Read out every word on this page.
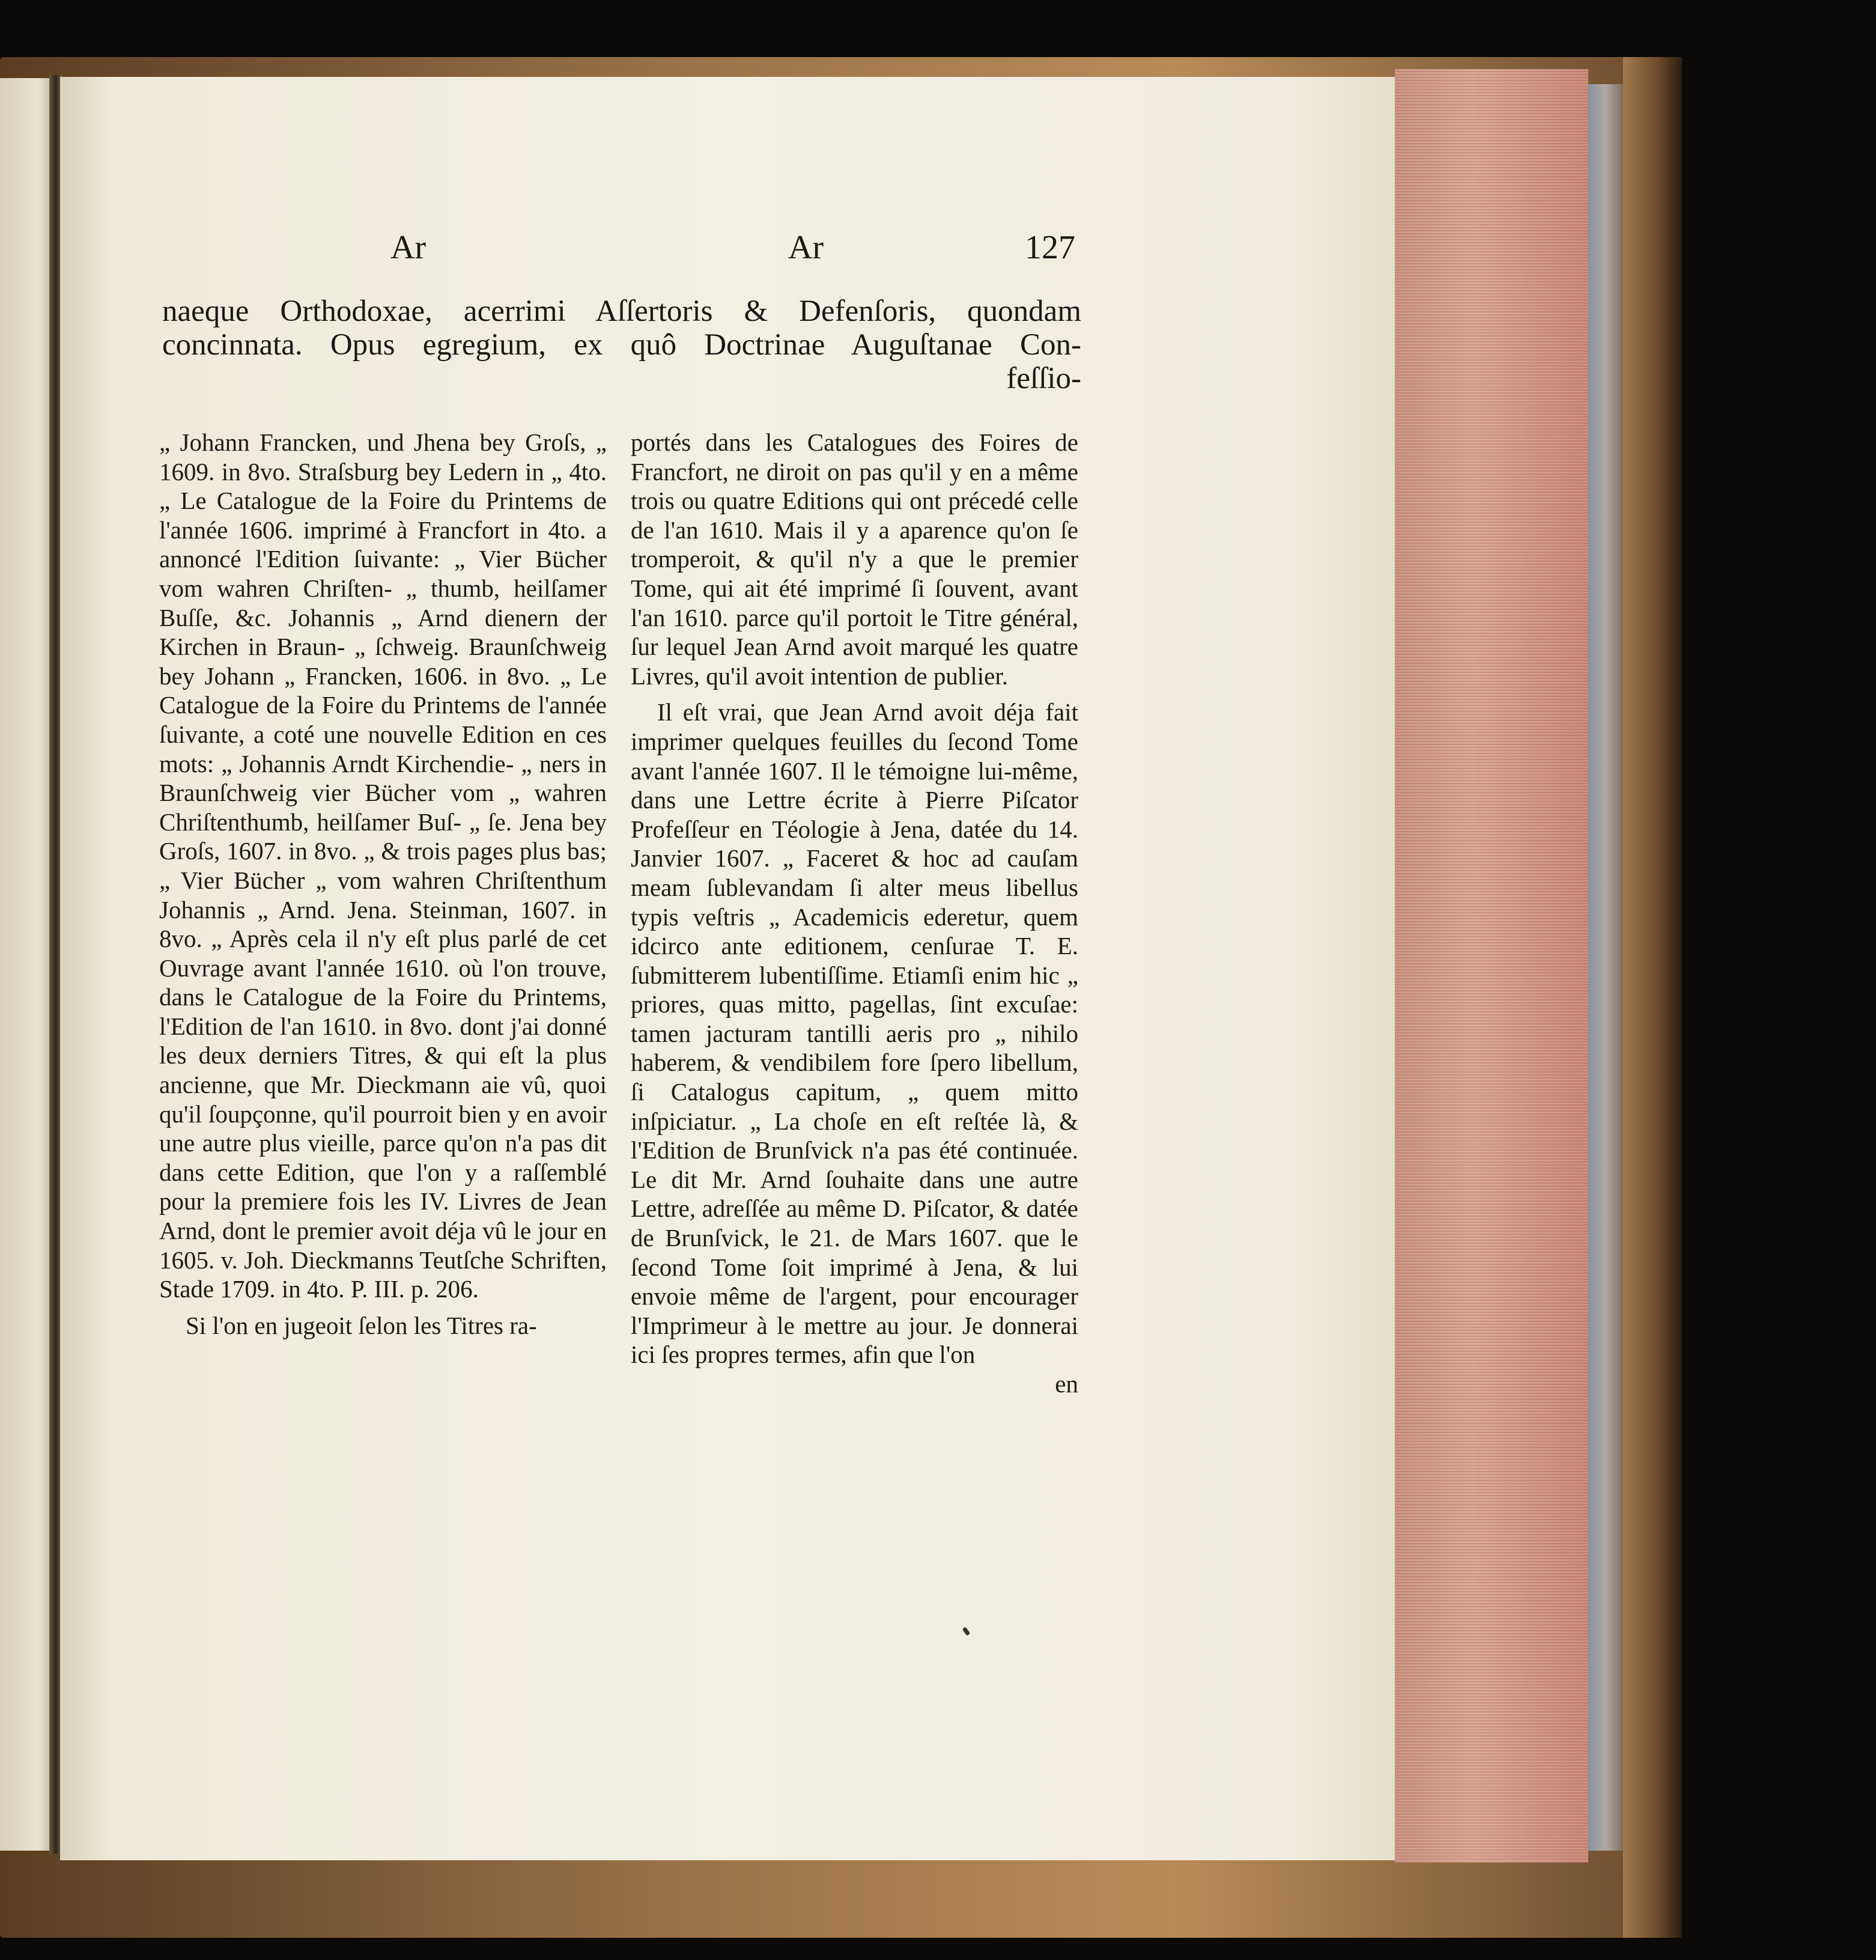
Ar	Ar	127
naeque Orthodoxae, acerrimi Aſſertoris & Defenſoris, quondam
concinnata. Opus egregium, ex quô Doctrinae Auguſtanae Con-
feſſio-

„ Johann Francken, und Jhena bey Groſs, „ 1609. in 8vo. Straſsburg bey Ledern in „ 4to. „ Le Catalogue de la Foire du Printems de l'année 1606. imprimé à Francfort in 4to. a annoncé l'Edition ſuivante: „ Vier Bücher vom wahren Chriſten- „ thumb, heilſamer Buſſe, &c. Johannis „ Arnd dienern der Kirchen in Braun- „ ſchweig. Braunſchweig bey Johann „ Francken, 1606. in 8vo. „ Le Catalogue de la Foire du Printems de l'année ſuivante, a coté une nouvelle Edition en ces mots: „ Johannis Arndt Kirchendie- „ ners in Braunſchweig vier Bücher vom „ wahren Chriſtenthumb, heilſamer Buſ- „ ſe. Jena bey Groſs, 1607. in 8vo. „ & trois pages plus bas; „ Vier Bücher „ vom wahren Chriſtenthum Johannis „ Arnd. Jena. Steinman, 1607. in 8vo. „ Après cela il n'y eſt plus parlé de cet Ouvrage avant l'année 1610. où l'on trouve, dans le Catalogue de la Foire du Printems, l'Edition de l'an 1610. in 8vo. dont j'ai donné les deux derniers Titres, & qui eſt la plus ancienne, que Mr. Dieckmann aie vû, quoi qu'il ſoupçonne, qu'il pourroit bien y en avoir une autre plus vieille, parce qu'on n'a pas dit dans cette Edition, que l'on y a raſſemblé pour la premiere fois les IV. Livres de Jean Arnd, dont le premier avoit déja vû le jour en 1605. v. Joh. Dieckmanns Teutſche Schriften, Stade 1709. in 4to. P. III. p. 206.

Si l'on en jugeoit ſelon les Titres ra-

portés dans les Catalogues des Foires de Francfort, ne diroit on pas qu'il y en a même trois ou quatre Editions qui ont précedé celle de l'an 1610. Mais il y a aparence qu'on ſe tromperoit, & qu'il n'y a que le premier Tome, qui ait été imprimé ſi ſouvent, avant l'an 1610. parce qu'il portoit le Titre général, ſur lequel Jean Arnd avoit marqué les quatre Livres, qu'il avoit intention de publier.

Il eſt vrai, que Jean Arnd avoit déja fait imprimer quelques feuilles du ſecond Tome avant l'année 1607. Il le témoigne lui-même, dans une Lettre écrite à Pierre Piſcator Profeſſeur en Téologie à Jena, datée du 14. Janvier 1607. „ Faceret & hoc ad cauſam meam ſublevandam ſi alter meus libellus typis veſtris „ Academicis ederetur, quem idcirco ante editionem, cenſurae T. E. ſubmitterem lubentiſſime. Etiamſi enim hic „ priores, quas mitto, pagellas, ſint excuſae: tamen jacturam tantilli aeris pro „ nihilo haberem, & vendibilem fore ſpero libellum, ſi Catalogus capitum, „ quem mitto inſpiciatur. „ La choſe en eſt reſtée là, & l'Edition de Brunſvick n'a pas été continuée. Le dit Mr. Arnd ſouhaite dans une autre Lettre, adreſſée au même D. Piſcator, & datée de Brunſvick, le 21. de Mars 1607. que le ſecond Tome ſoit imprimé à Jena, & lui envoie même de l'argent, pour encourager l'Imprimeur à le mettre au jour. Je donnerai ici ſes propres termes, afin que l'on

en
